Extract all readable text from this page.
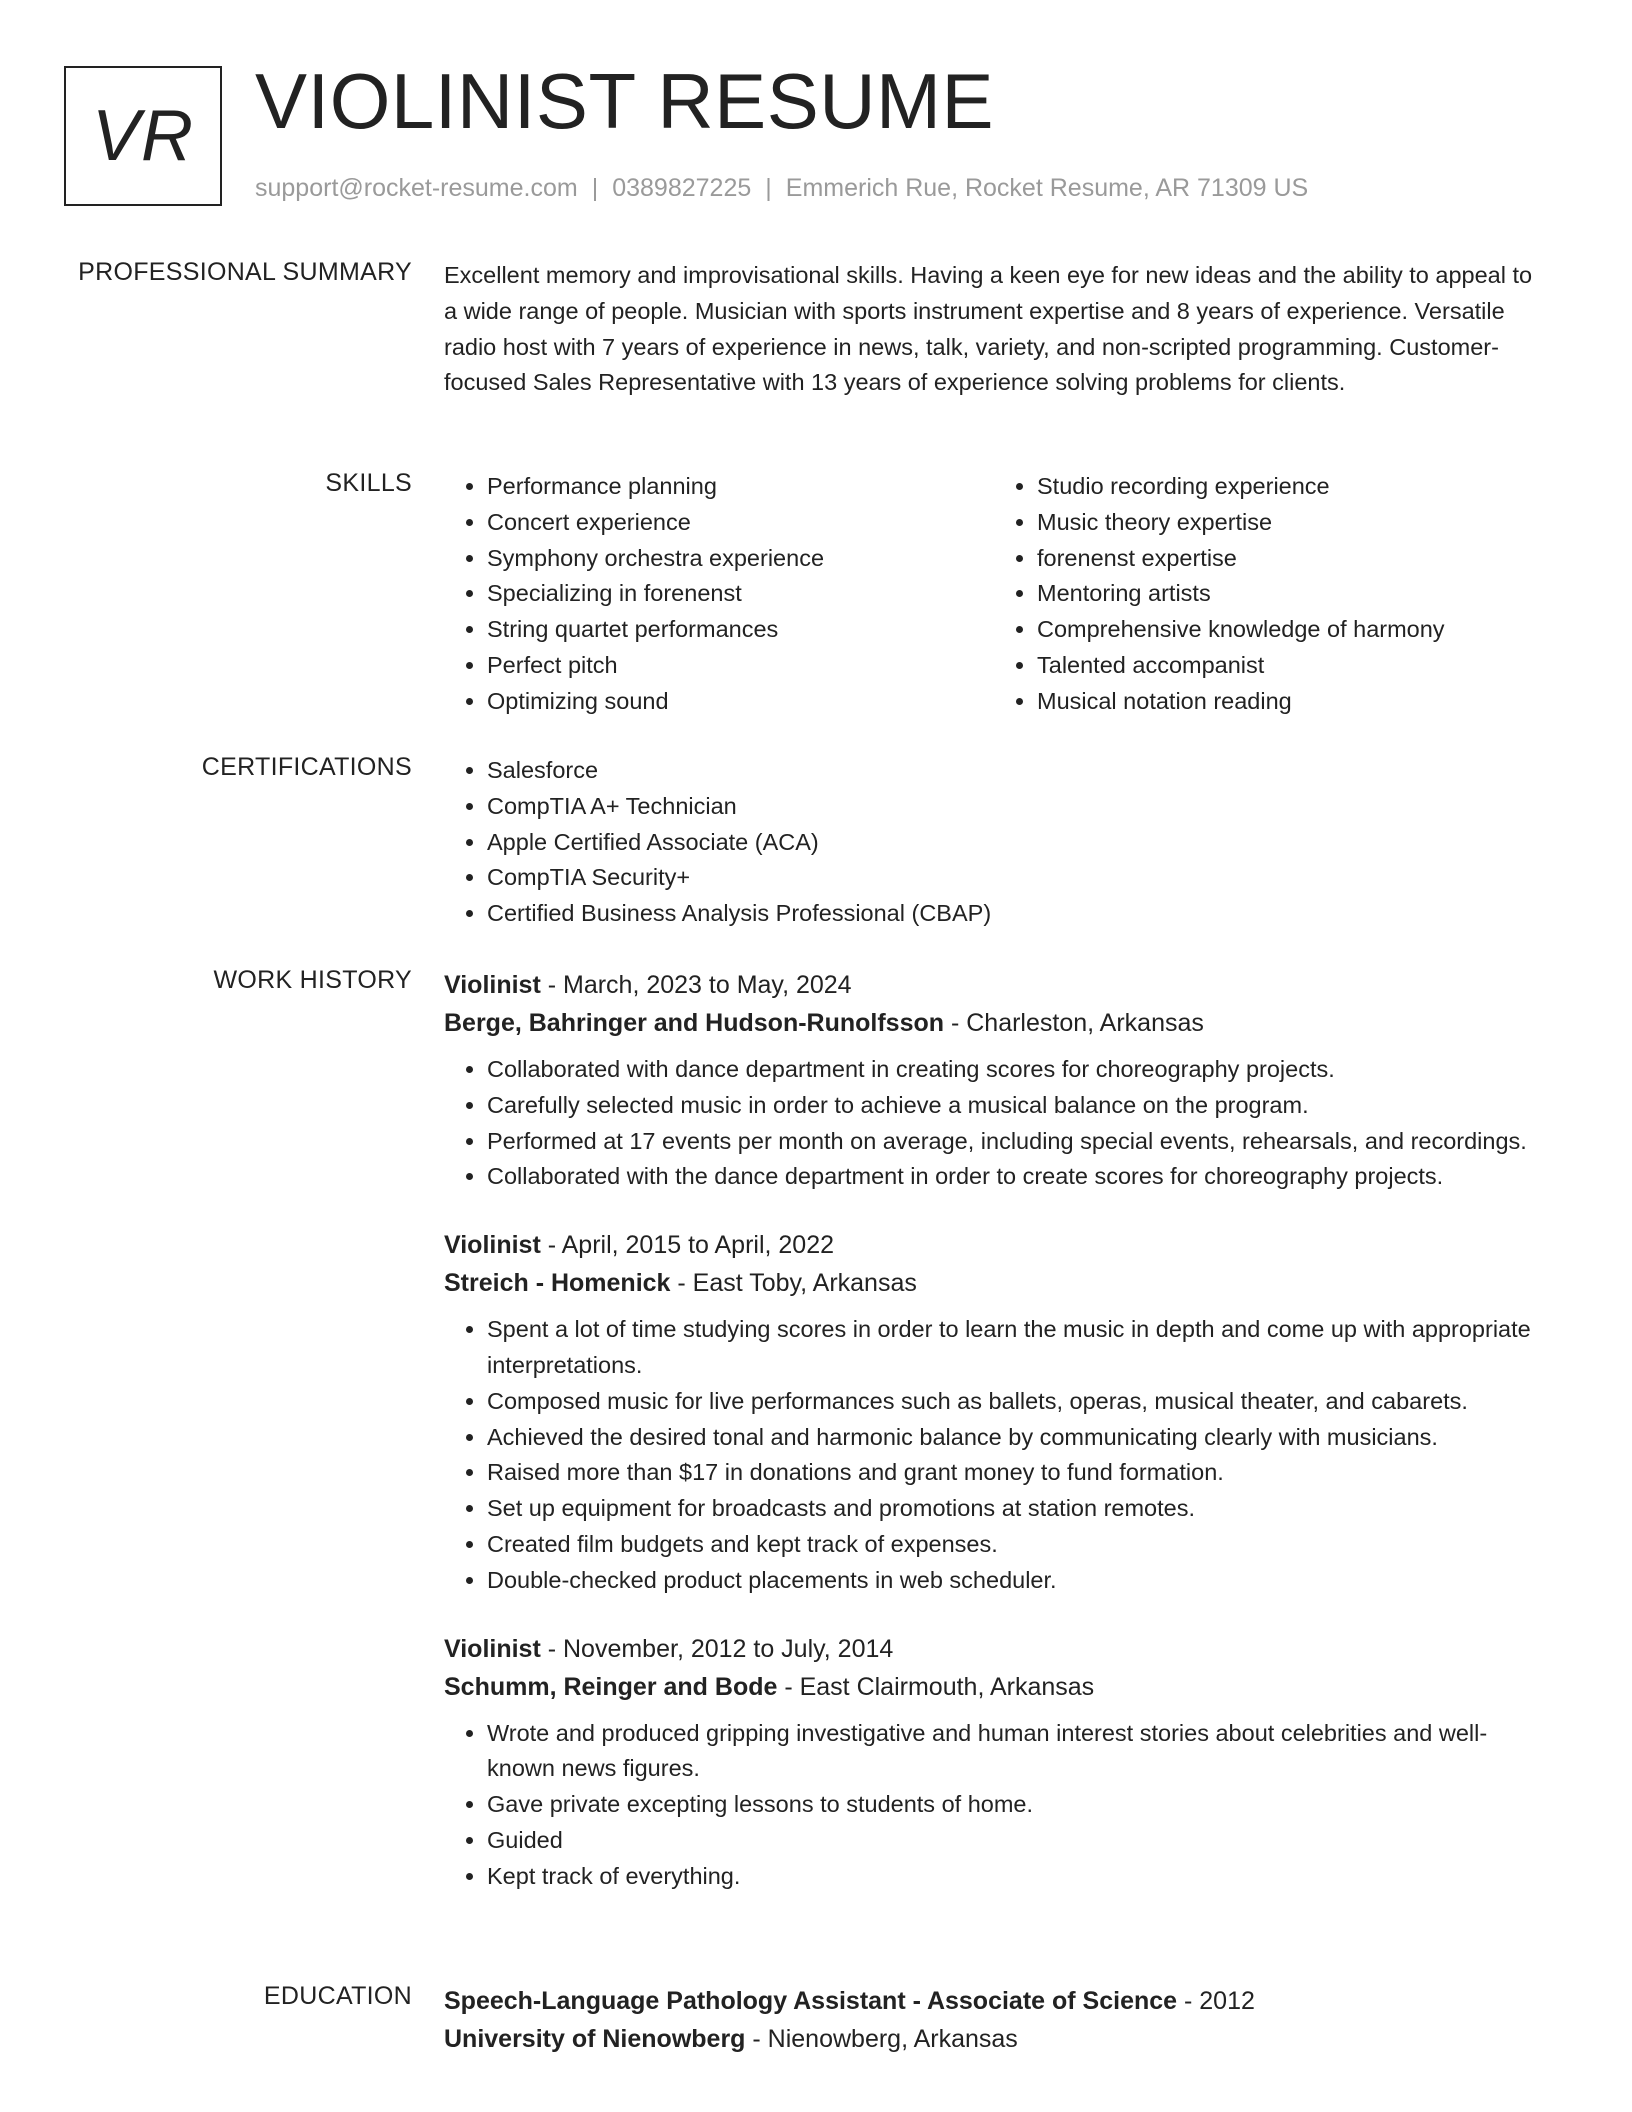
VR VIOLINIST RESUME
support@rocket-resume.com | 0389827225 | Emmerich Rue, Rocket Resume, AR 71309 US
PROFESSIONAL SUMMARY Excellent memory and improvisational skills. Having a keen eye for new ideas and the ability to appeal to a wide range of people. Musician with sports instrument expertise and 8 years of experience. Versatile radio host with 7 years of experience in news, talk, variety, and non-scripted programming. Customer-focused Sales Representative with 13 years of experience solving problems for clients.

SKILLS	• Performance planning
• Concert experience
• Symphony orchestra experience
• Specializing in forenenst
• String quartet performances
• Perfect pitch
• Optimizing sound
• Studio recording experience
• Music theory expertise
• forenenst expertise
• Mentoring artists
• Comprehensive knowledge of harmony
• Talented accompanist
• Musical notation reading
CERTIFICATIONS	• Salesforce
• CompTIA A+ Technician
• Apple Certified Associate (ACA)
• CompTIA Security+
• Certified Business Analysis Professional (CBAP)
WORK HISTORY Violinist - March, 2023 to May, 2024
Berge, Bahringer and Hudson-Runolfsson - Charleston, Arkansas
• Collaborated with dance department in creating scores for choreography projects.
• Carefully selected music in order to achieve a musical balance on the program.
• Performed at 17 events per month on average, including special events, rehearsals, and recordings.
• Collaborated with the dance department in order to create scores for choreography projects.
Violinist - April, 2015 to April, 2022
Streich - Homenick - East Toby, Arkansas
• Spent a lot of time studying scores in order to learn the music in depth and come up with appropriate interpretations.
• Composed music for live performances such as ballets, operas, musical theater, and cabarets.
• Achieved the desired tonal and harmonic balance by communicating clearly with musicians.
• Raised more than $17 in donations and grant money to fund formation.
• Set up equipment for broadcasts and promotions at station remotes.
• Created film budgets and kept track of expenses.
• Double-checked product placements in web scheduler.
Violinist - November, 2012 to July, 2014
Schumm, Reinger and Bode - East Clairmouth, Arkansas
• Wrote and produced gripping investigative and human interest stories about celebrities and well-known news figures.
• Gave private excepting lessons to students of home.
• Guided
• Kept track of everything.
EDUCATION Speech-Language Pathology Assistant - Associate of Science - 2012
University of Nienowberg - Nienowberg, Arkansas
